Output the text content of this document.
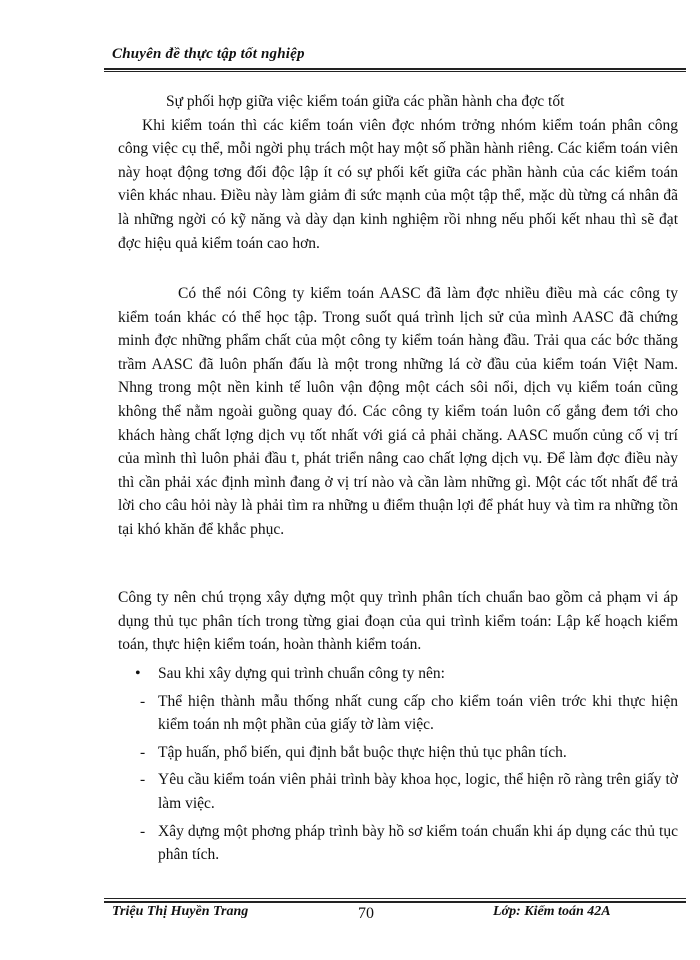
Chuyên đề thực tập tốt nghiệp

Sự phối hợp giữa việc kiểm toán giữa các phần hành cha đợc tốt

Khi kiểm toán thì các kiểm toán viên đợc nhóm trởng nhóm kiểm toán phân công công việc cụ thể, mỗi ngời phụ trách một hay một số phần hành riêng. Các kiểm toán viên này hoạt động tơng đối độc lập ít có sự phối kết giữa các phần hành của các kiểm toán viên khác nhau. Điều này làm giảm đi sức mạnh của một tập thể, mặc dù từng cá nhân đã là những ngời có kỹ năng và dày dạn kinh nghiệm rồi nhng nếu phối kết nhau thì sẽ đạt đợc hiệu quả kiểm toán cao hơn.

Có thể nói Công ty kiểm toán AASC đã làm đợc nhiều điều mà các công ty kiểm toán khác có thể học tập. Trong suốt quá trình lịch sử của mình AASC đã chứng minh đợc những phẩm chất của một công ty kiểm toán hàng đầu. Trải qua các bớc thăng trầm AASC đã luôn phấn đấu là một trong những lá cờ đầu của kiểm toán Việt Nam. Nhng trong một nền kinh tế luôn vận động một cách sôi nổi, dịch vụ kiểm toán cũng không thể nằm ngoài guồng quay đó. Các công ty kiểm toán luôn cố gắng đem tới cho khách hàng chất lợng dịch vụ tốt nhất với giá cả phải chăng. AASC muốn củng cố vị trí của mình thì luôn phải đầu t, phát triển nâng cao chất lợng dịch vụ. Để làm đợc điều này thì cần phải xác định mình đang ở vị trí nào và cần làm những gì. Một các tốt nhất để trả lời cho câu hỏi này là phải tìm ra những u điểm thuận lợi để phát huy và tìm ra những tồn tại khó khăn để khắc phục.

Công ty nên chú trọng xây dựng một quy trình phân tích chuẩn bao gồm cả phạm vi áp dụng thủ tục phân tích trong từng giai đoạn của qui trình kiểm toán: Lập kế hoạch kiểm toán, thực hiện kiểm toán, hoàn thành kiểm toán.

• Sau khi xây dựng qui trình chuẩn công ty nên:
- Thể hiện thành mẫu thống nhất cung cấp cho kiểm toán viên trớc khi thực hiện kiểm toán nh một phần của giấy tờ làm việc.
- Tập huấn, phổ biến, qui định bắt buộc thực hiện thủ tục phân tích.
- Yêu cầu kiểm toán viên phải trình bày khoa học, logic, thể hiện rõ ràng trên giấy tờ làm việc.
- Xây dựng một phơng pháp trình bày hồ sơ kiểm toán chuẩn khi áp dụng các thủ tục phân tích.
Triệu Thị Huyền Trang	70	Lớp: Kiểm toán 42A
